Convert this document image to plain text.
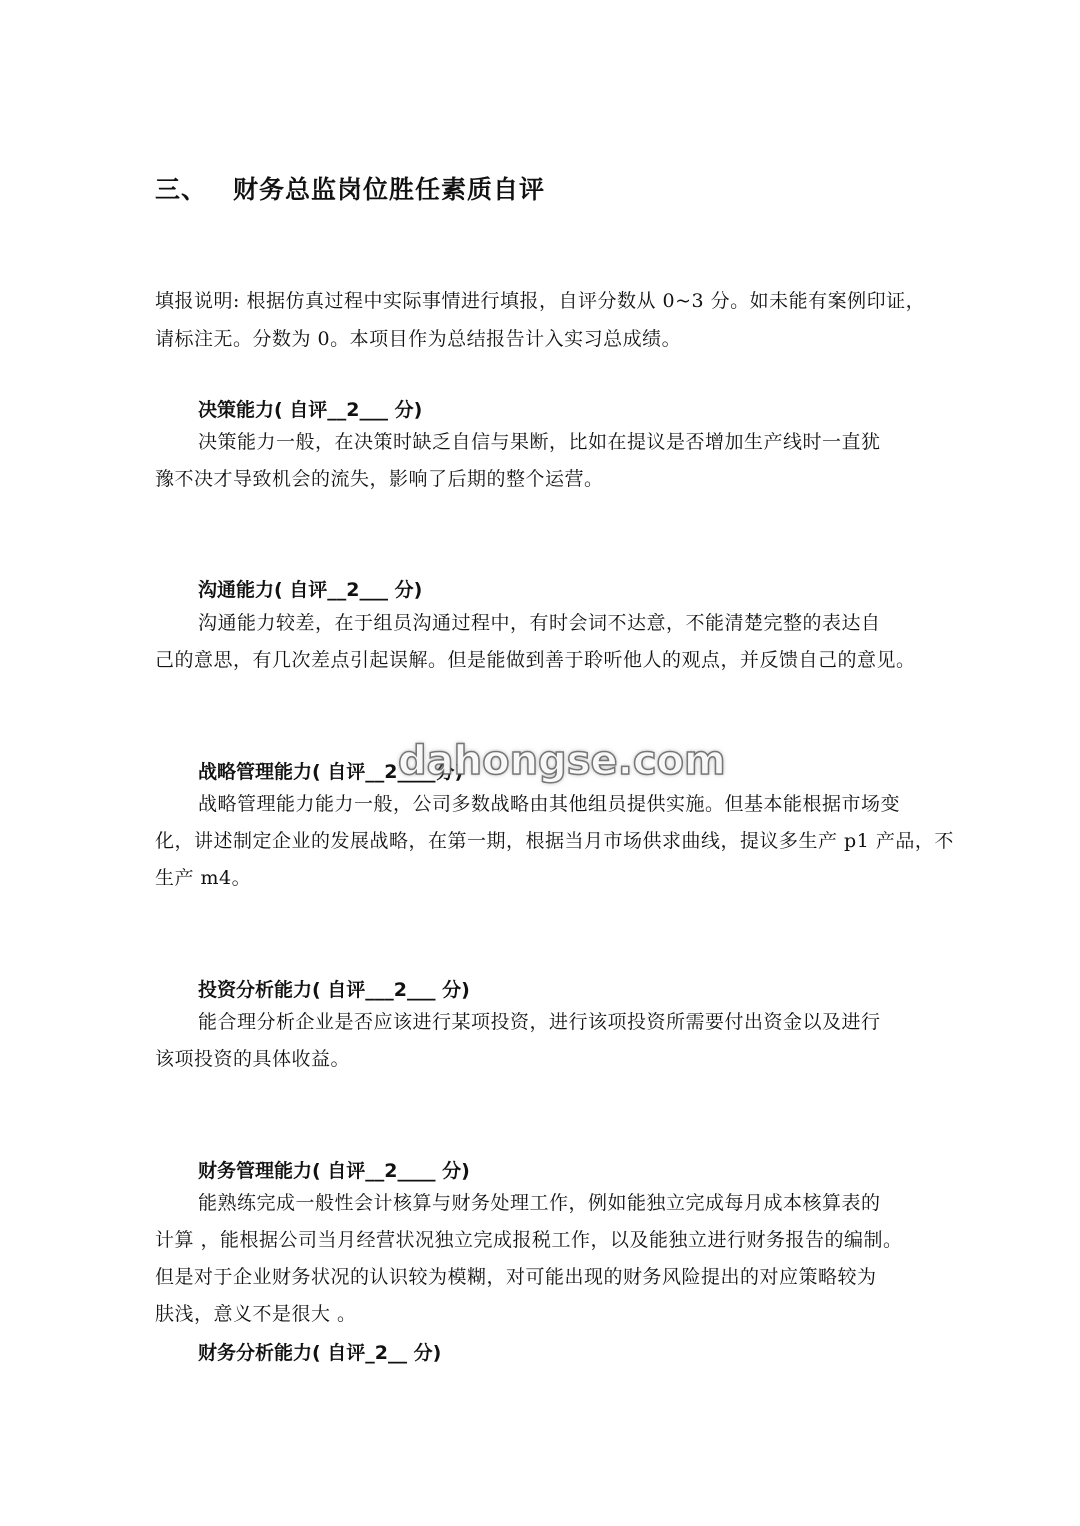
三、 财务总监岗位胜任素质自评

填报说明: 根据仿真过程中实际事情进行填报，自评分数从 0~3 分。如未能有案例印证，

请标注无。分数为 0。本项目作为总结报告计入实习总成绩。

决策能力( 自评__2___ 分)

决策能力一般，在决策时缺乏自信与果断，比如在提议是否增加生产线时一直犹

豫不决才导致机会的流失，影响了后期的整个运营。

沟通能力( 自评__2___ 分)

沟通能力较差，在于组员沟通过程中，有时会词不达意，不能清楚完整的表达自

己的意思，有几次差点引起误解。但是能做到善于聆听他人的观点，并反馈自己的意见。

战略管理能力( 自评__2____分)

战略管理能力能力一般，公司多数战略由其他组员提供实施。但基本能根据市场变

化，讲述制定企业的发展战略，在第一期，根据当月市场供求曲线，提议多生产 p1 产品，不

生产 m4。

投资分析能力( 自评___2___ 分)

能合理分析企业是否应该进行某项投资，进行该项投资所需要付出资金以及进行

该项投资的具体收益。

财务管理能力( 自评__2____ 分)

能熟练完成一般性会计核算与财务处理工作，例如能独立完成每月成本核算表的

计算 ，能根据公司当月经营状况独立完成报税工作，以及能独立进行财务报告的编制。

但是对于企业财务状况的认识较为模糊，对可能出现的财务风险提出的对应策略较为

肤浅，意义不是很大 。

财务分析能力( 自评_2__ 分)
dahongse.com
